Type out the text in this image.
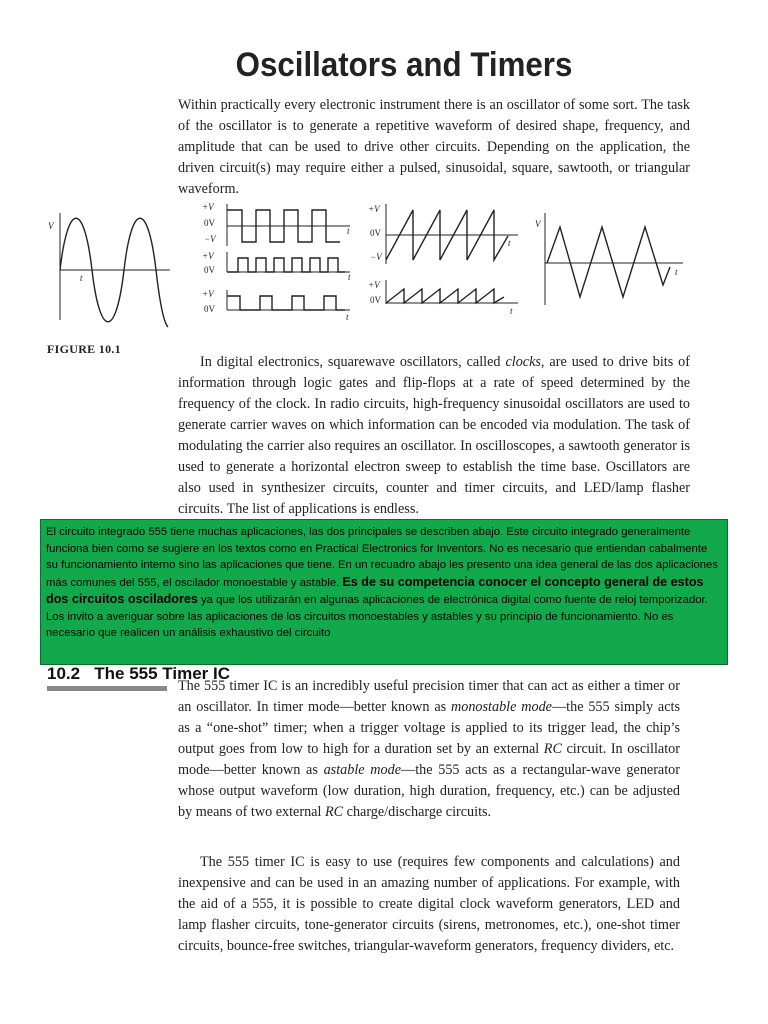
Oscillators and Timers

Within practically every electronic instrument there is an oscillator of some sort. The task of the oscillator is to generate a repetitive waveform of desired shape, frequency, and amplitude that can be used to drive other circuits. Depending on the application, the driven circuit(s) may require either a pulsed, sinusoidal, square, sawtooth, or triangular waveform.

V
t
+V
0V
−V
t
+V
0V
t
+V
0V
t
+V
0V
−V
t
+V
0V
t
V
t
FIGURE 10.1

In digital electronics, squarewave oscillators, called clocks, are used to drive bits of information through logic gates and flip-flops at a rate of speed determined by the frequency of the clock. In radio circuits, high-frequency sinusoidal oscillators are used to generate carrier waves on which information can be encoded via modulation. The task of modulating the carrier also requires an oscillator. In oscilloscopes, a sawtooth generator is used to generate a horizontal electron sweep to establish the time base. Oscillators are also used in synthesizer circuits, counter and timer circuits, and LED/lamp flasher circuits. The list of applications is endless.

El circuito integrado 555 tiene muchas aplicaciones, las dos principales se describen abajo. Este circuito integrado generalmente funciona bien como se sugiere en los textos como en Practical Electronics for Inventors. No es necesario que entiendan cabalmente su funcionamiento interno sino las aplicaciones que tiene. En un recuadro abajo les presento una idea general de las dos aplicaciones más comunes del 555, el oscilador monoestable y astable. Es de su competencia conocer el concepto general de estos dos circuitos osciladores ya que los utilizarán en algunas aplicaciones de electrónica digital como fuente de reloj temporizador. Los invito a averiguar sobre las aplicaciones de los circuitos monoestables y astables y su principio de funcionamiento. No es necesario que realicen un análisis exhaustivo del circuito
10.2   The 555 Timer IC

The 555 timer IC is an incredibly useful precision timer that can act as either a timer or an oscillator. In timer mode—better known as monostable mode—the 555 simply acts as a “one-shot” timer; when a trigger voltage is applied to its trigger lead, the chip’s output goes from low to high for a duration set by an external RC circuit. In oscillator mode—better known as astable mode—the 555 acts as a rectangular-wave generator whose output waveform (low duration, high duration, frequency, etc.) can be adjusted by means of two external RC charge/discharge circuits.

The 555 timer IC is easy to use (requires few components and calculations) and inexpensive and can be used in an amazing number of applications. For example, with the aid of a 555, it is possible to create digital clock waveform generators, LED and lamp flasher circuits, tone-generator circuits (sirens, metronomes, etc.), one-shot timer circuits, bounce-free switches, triangular-waveform generators, frequency dividers, etc.
